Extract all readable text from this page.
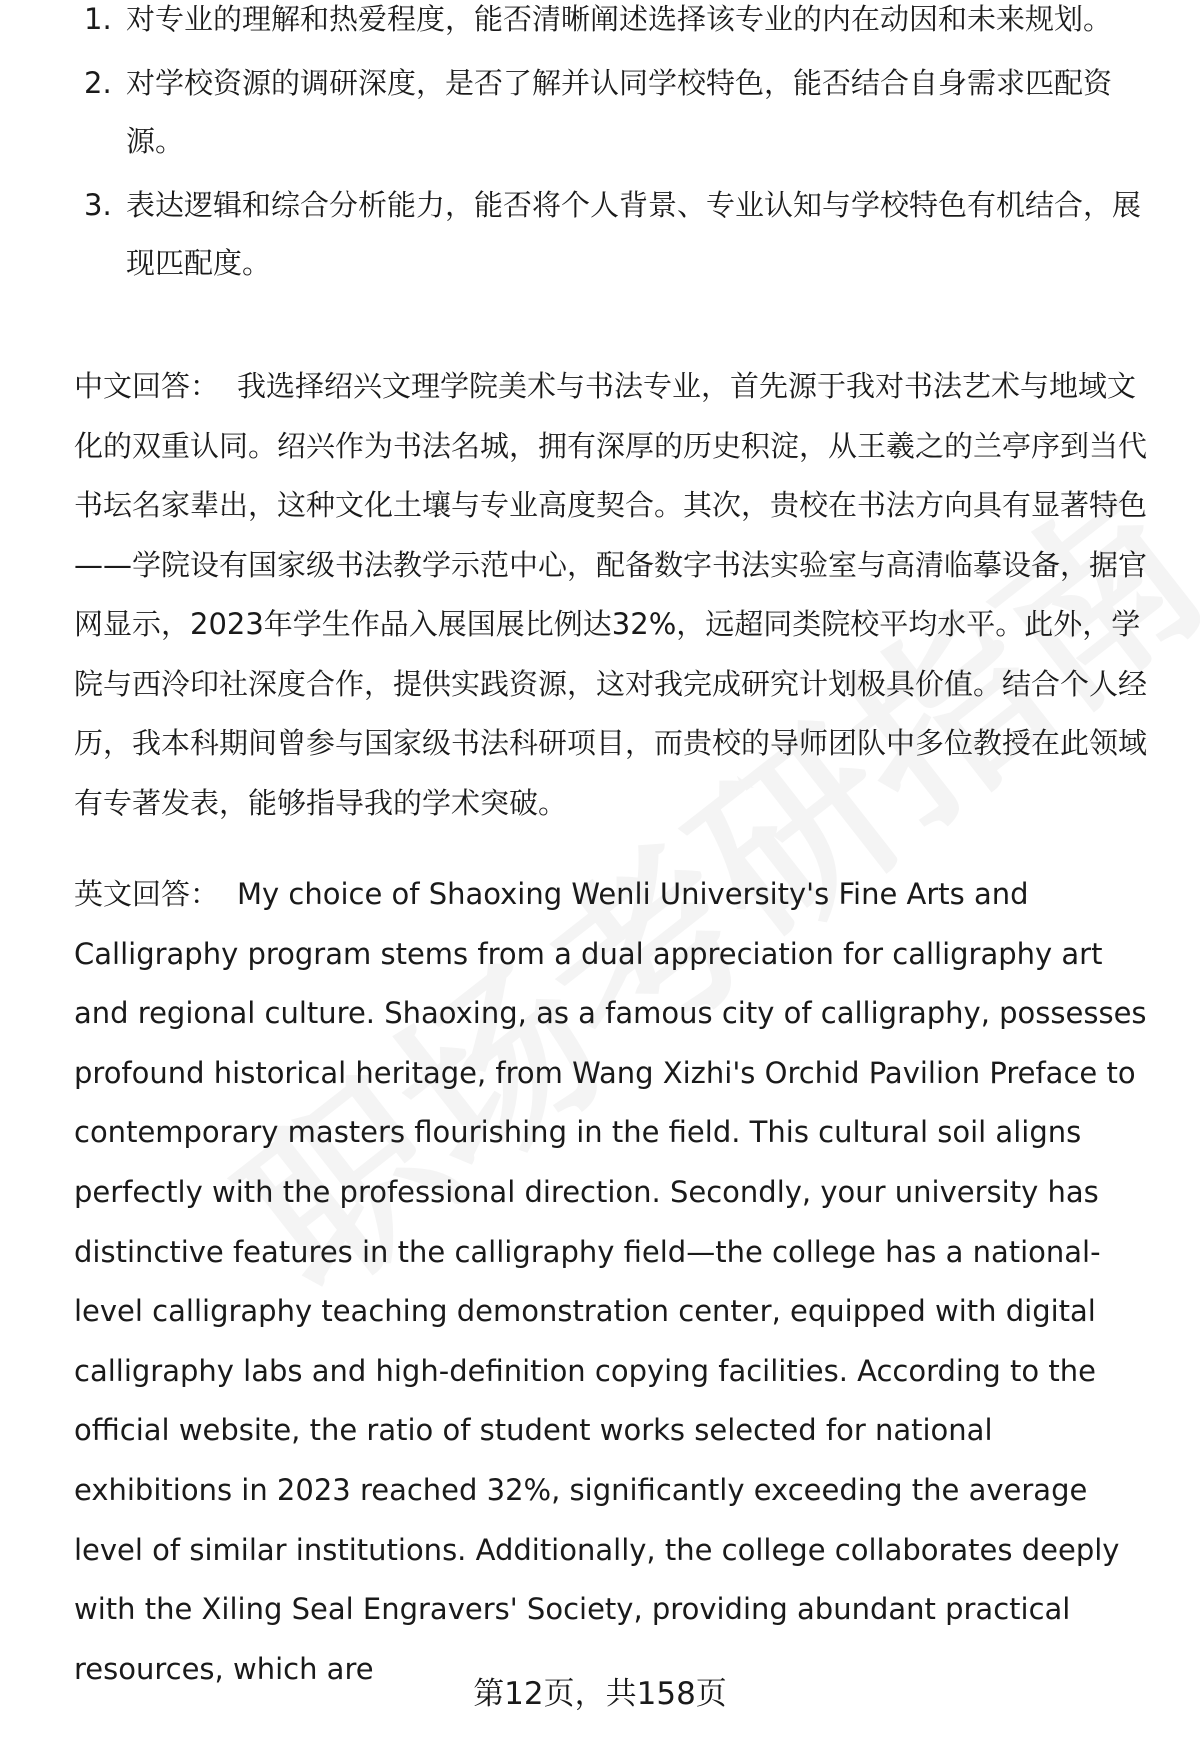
1. 对专业的理解和热爱程度，能否清晰阐述选择该专业的内在动因和未来规划。
2. 对学校资源的调研深度，是否了解并认同学校特色，能否结合自身需求匹配资源。
3. 表达逻辑和综合分析能力，能否将个人背景、专业认知与学校特色有机结合，展现匹配度。

中文回答： 我选择绍兴文理学院美术与书法专业，首先源于我对书法艺术与地域文化的双重认同。绍兴作为书法名城，拥有深厚的历史积淀，从王羲之的兰亭序到当代书坛名家辈出，这种文化土壤与专业高度契合。其次，贵校在书法方向具有显著特色——学院设有国家级书法教学示范中心，配备数字书法实验室与高清临摹设备，据官网显示，2023年学生作品入展国展比例达32%，远超同类院校平均水平。此外，学院与西泠印社深度合作，提供实践资源，这对我完成研究计划极具价值。结合个人经历，我本科期间曾参与国家级书法科研项目，而贵校的导师团队中多位教授在此领域有专著发表，能够指导我的学术突破。

英文回答： My choice of Shaoxing Wenli University's Fine Arts and Calligraphy program stems from a dual appreciation for calligraphy art and regional culture. Shaoxing, as a famous city of calligraphy, possesses profound historical heritage, from Wang Xizhi's Orchid Pavilion Preface to contemporary masters flourishing in the field. This cultural soil aligns perfectly with the professional direction. Secondly, your university has distinctive features in the calligraphy field—the college has a national-level calligraphy teaching demonstration center, equipped with digital calligraphy labs and high-definition copying facilities. According to the official website, the ratio of student works selected for national exhibitions in 2023 reached 32%, significantly exceeding the average level of similar institutions. Additionally, the college collaborates deeply with the Xiling Seal Engravers' Society, providing abundant practical resources, which are

第12页，共158页
